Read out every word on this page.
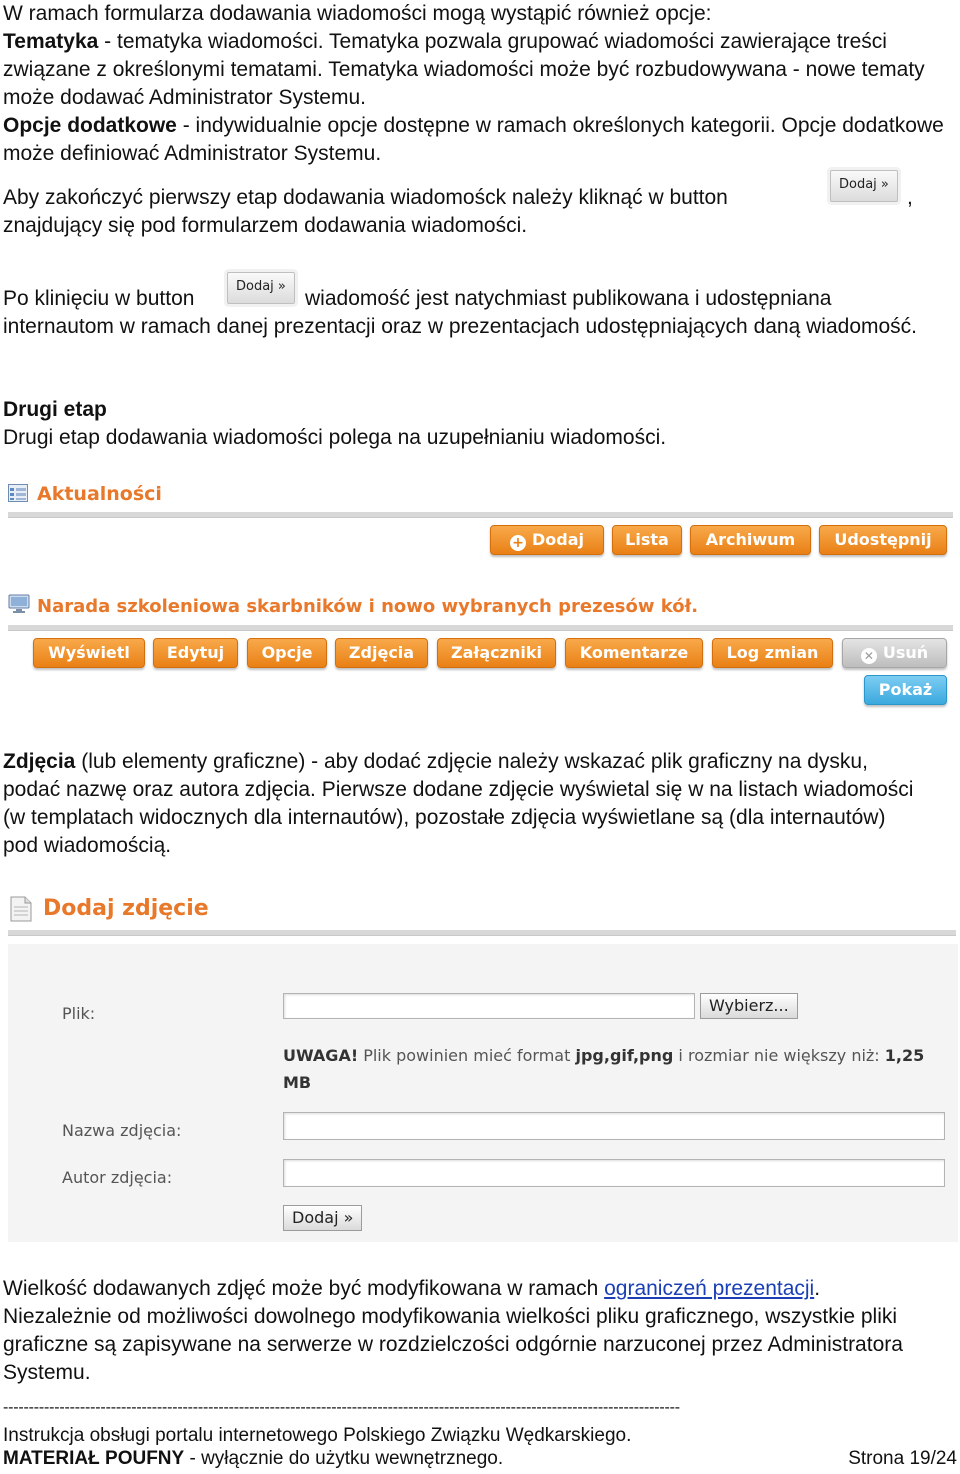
W ramach formularza dodawania wiadomości mogą wystąpić również opcje:
Tematyka - tematyka wiadomości. Tematyka pozwala grupować wiadomości zawierające treści związane z określonymi tematami. Tematyka wiadomości może być rozbudowywana - nowe tematy może dodawać Administrator Systemu.
Opcje dodatkowe - indywidualnie opcje dostępne w ramach określonych kategorii. Opcje dodatkowe może definiować Administrator Systemu.
Aby zakończyć pierwszy etap dodawania wiadomośck należy kliknąć w button
Dodaj »
,
znajdujący się pod formularzem dodawania wiadomości.
Po klinięciu w button
Dodaj »
wiadomość jest natychmiast publikowana i udostępniana
internautom w ramach danej prezentacji oraz w prezentacjach udostępniających daną wiadomość.
Drugi etap
Drugi etap dodawania wiadomości polega na uzupełnianiu wiadomości.
Aktualności
+ Dodaj	Lista	Archiwum	Udostępnij
Narada szkoleniowa skarbników i nowo wybranych prezesów kół.
Wyświetl	Edytuj	Opcje	Zdjęcia	Załączniki	Komentarze	Log zmian	✕ Usuń
Pokaż
Zdjęcia (lub elementy graficzne) - aby dodać zdjęcie należy wskazać plik graficzny na dysku, podać nazwę oraz autora zdjęcia. Pierwsze dodane zdjęcie wyświetal się w na listach wiadomości (w templatach widocznych dla internautów), pozostałe zdjęcia wyświetlane są (dla internautów) pod wiadomością.
Dodaj zdjęcie
Plik:	Wybierz...
UWAGA! Plik powinien mieć format jpg,gif,png i rozmiar nie większy niż: 1,25 MB
Nazwa zdjęcia:
Autor zdjęcia:
Dodaj »
Wielkość dodawanych zdjęć może być modyfikowana w ramach ograniczeń prezentacji.
Niezależnie od możliwości dowolnego modyfikowania wielkości pliku graficznego, wszystkie pliki graficzne są zapisywane na serwerze w rozdzielczości odgórnie narzuconej przez Administratora Systemu.
------------------------------------------------------------------------------------------------------------------------------------
Instrukcja obsługi portalu internetowego Polskiego Związku Wędkarskiego.
MATERIAŁ POUFNY - wyłącznie do użytku wewnętrznego.	Strona 19/24
